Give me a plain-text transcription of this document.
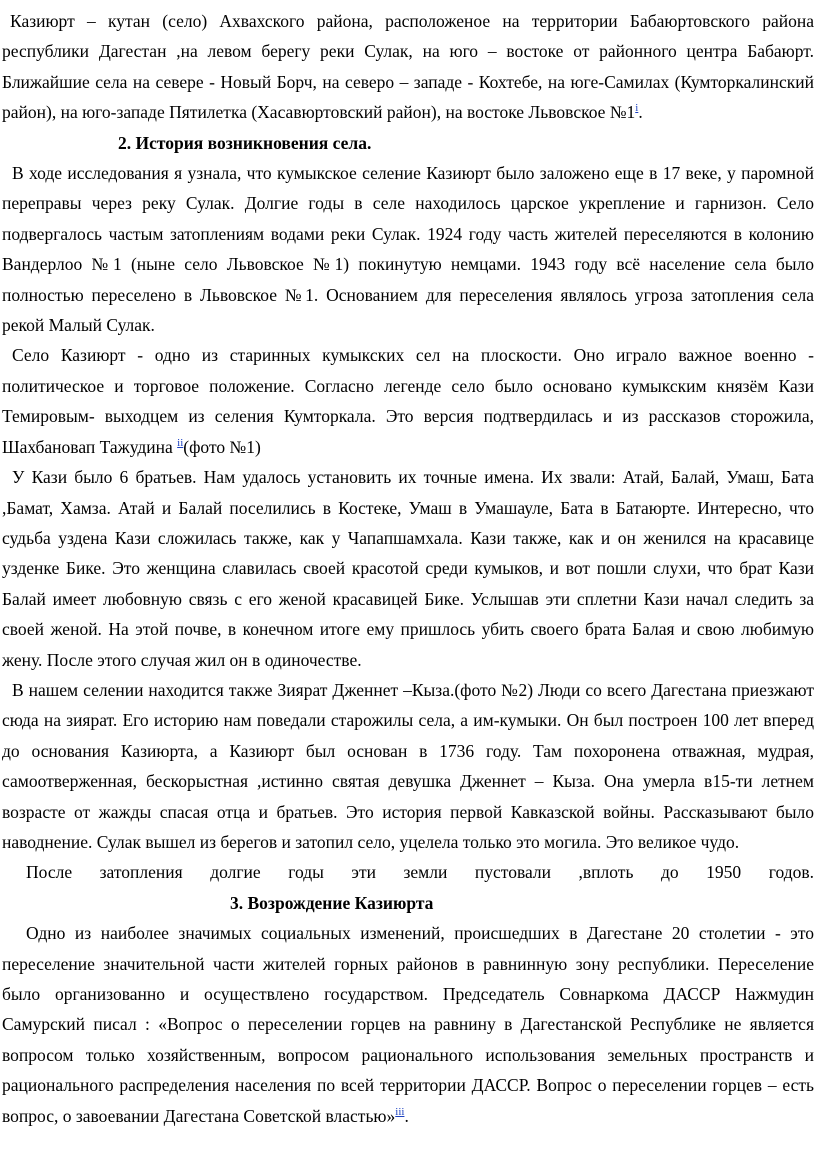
Казиюрт – кутан (село) Ахвахского района, расположеное на территории Бабаюртовского района республики Дагестан ,на левом берегу реки Сулак, на юго – востоке от районного центра Бабаюрт. Ближайшие села на севере - Новый Борч, на северо – западе - Кохтебе, на юге-Самилах (Кумторкалинский район), на юго-западе Пятилетка (Хасавюртовский район), на востоке Львовское №1$^i$.

2. История возникновения села.

В ходе исследования я узнала, что кумыкское селение Казиюрт было заложено еще в 17 веке, у паромной переправы через реку Сулак. Долгие годы в селе находилось царское укрепление и гарнизон. Село подвергалось частым затоплениям водами реки Сулак. 1924 году часть жителей переселяются в колонию Вандерлоо №1 (ныне село Львовское №1) покинутую немцами. 1943 году всё население села было полностью переселено в Львовское №1. Основанием для переселения являлось угроза затопления села рекой Малый Сулак.

Село Казиюрт - одно из старинных кумыкских сел на плоскости. Оно играло важное военно - политическое и торговое положение. Согласно легенде село было основано кумыкским князём Кази Темировым- выходцем из селения Кумторкала. Это версия подтвердилась и из рассказов сторожила, Шахбановап Тажудина $^{ii}$(фото №1)

У Кази было 6 братьев. Нам удалось установить их точные имена. Их звали: Атай, Балай, Умаш, Бата ,Бамат, Хамза. Атай и Балай поселились в Костеке, Умаш в Умашауле, Бата в Батаюрте. Интересно, что судьба уздена Кази сложилась также, как у Чапапшамхала. Кази также, как и он женился на красавице узденке Бике. Это женщина славилась своей красотой среди кумыков, и вот пошли слухи, что брат Кази Балай имеет любовную связь с его женой красавицей Бике. Услышав эти сплетни Кази начал следить за своей женой. На этой почве, в конечном итоге ему пришлось убить своего брата Балая и свою любимую жену. После этого случая жил он в одиночестве.

В нашем селении находится также Зиярат Дженнет –Кыза.(фото №2) Люди со всего Дагестана приезжают сюда на зиярат. Его историю нам поведали старожилы села, а им-кумыки. Он был построен 100 лет вперед до основания Казиюрта, а Казиюрт был основан в 1736 году. Там похоронена отважная, мудрая, самоотверженная, бескорыстная ,истинно святая девушка Дженнет – Кыза. Она умерла в15-ти летнем возрасте от жажды спасая отца и братьев. Это история первой Кавказской войны. Рассказывают было наводнение. Сулак вышел из берегов и затопил село, уцелела только это могила. Это великое чудо.

После затопления долгие годы эти земли пустовали ,вплоть до 1950 годов.

3. Возрождение Казиюрта

Одно из наиболее значимых социальных изменений, происшедших в Дагестане 20 столетии - это переселение значительной части жителей горных районов в равнинную зону республики. Переселение было организованно и осуществлено государством. Председатель Совнаркома ДАССР Нажмудин Самурский писал : «Вопрос о переселении горцев на равнину в Дагестанской Республике не является вопросом только хозяйственным, вопросом рационального использования земельных пространств и рационального распределения населения по всей территории ДАССР. Вопрос о переселении горцев – есть вопрос, о завоевании Дагестана Советской властью»$^{iii}$.
